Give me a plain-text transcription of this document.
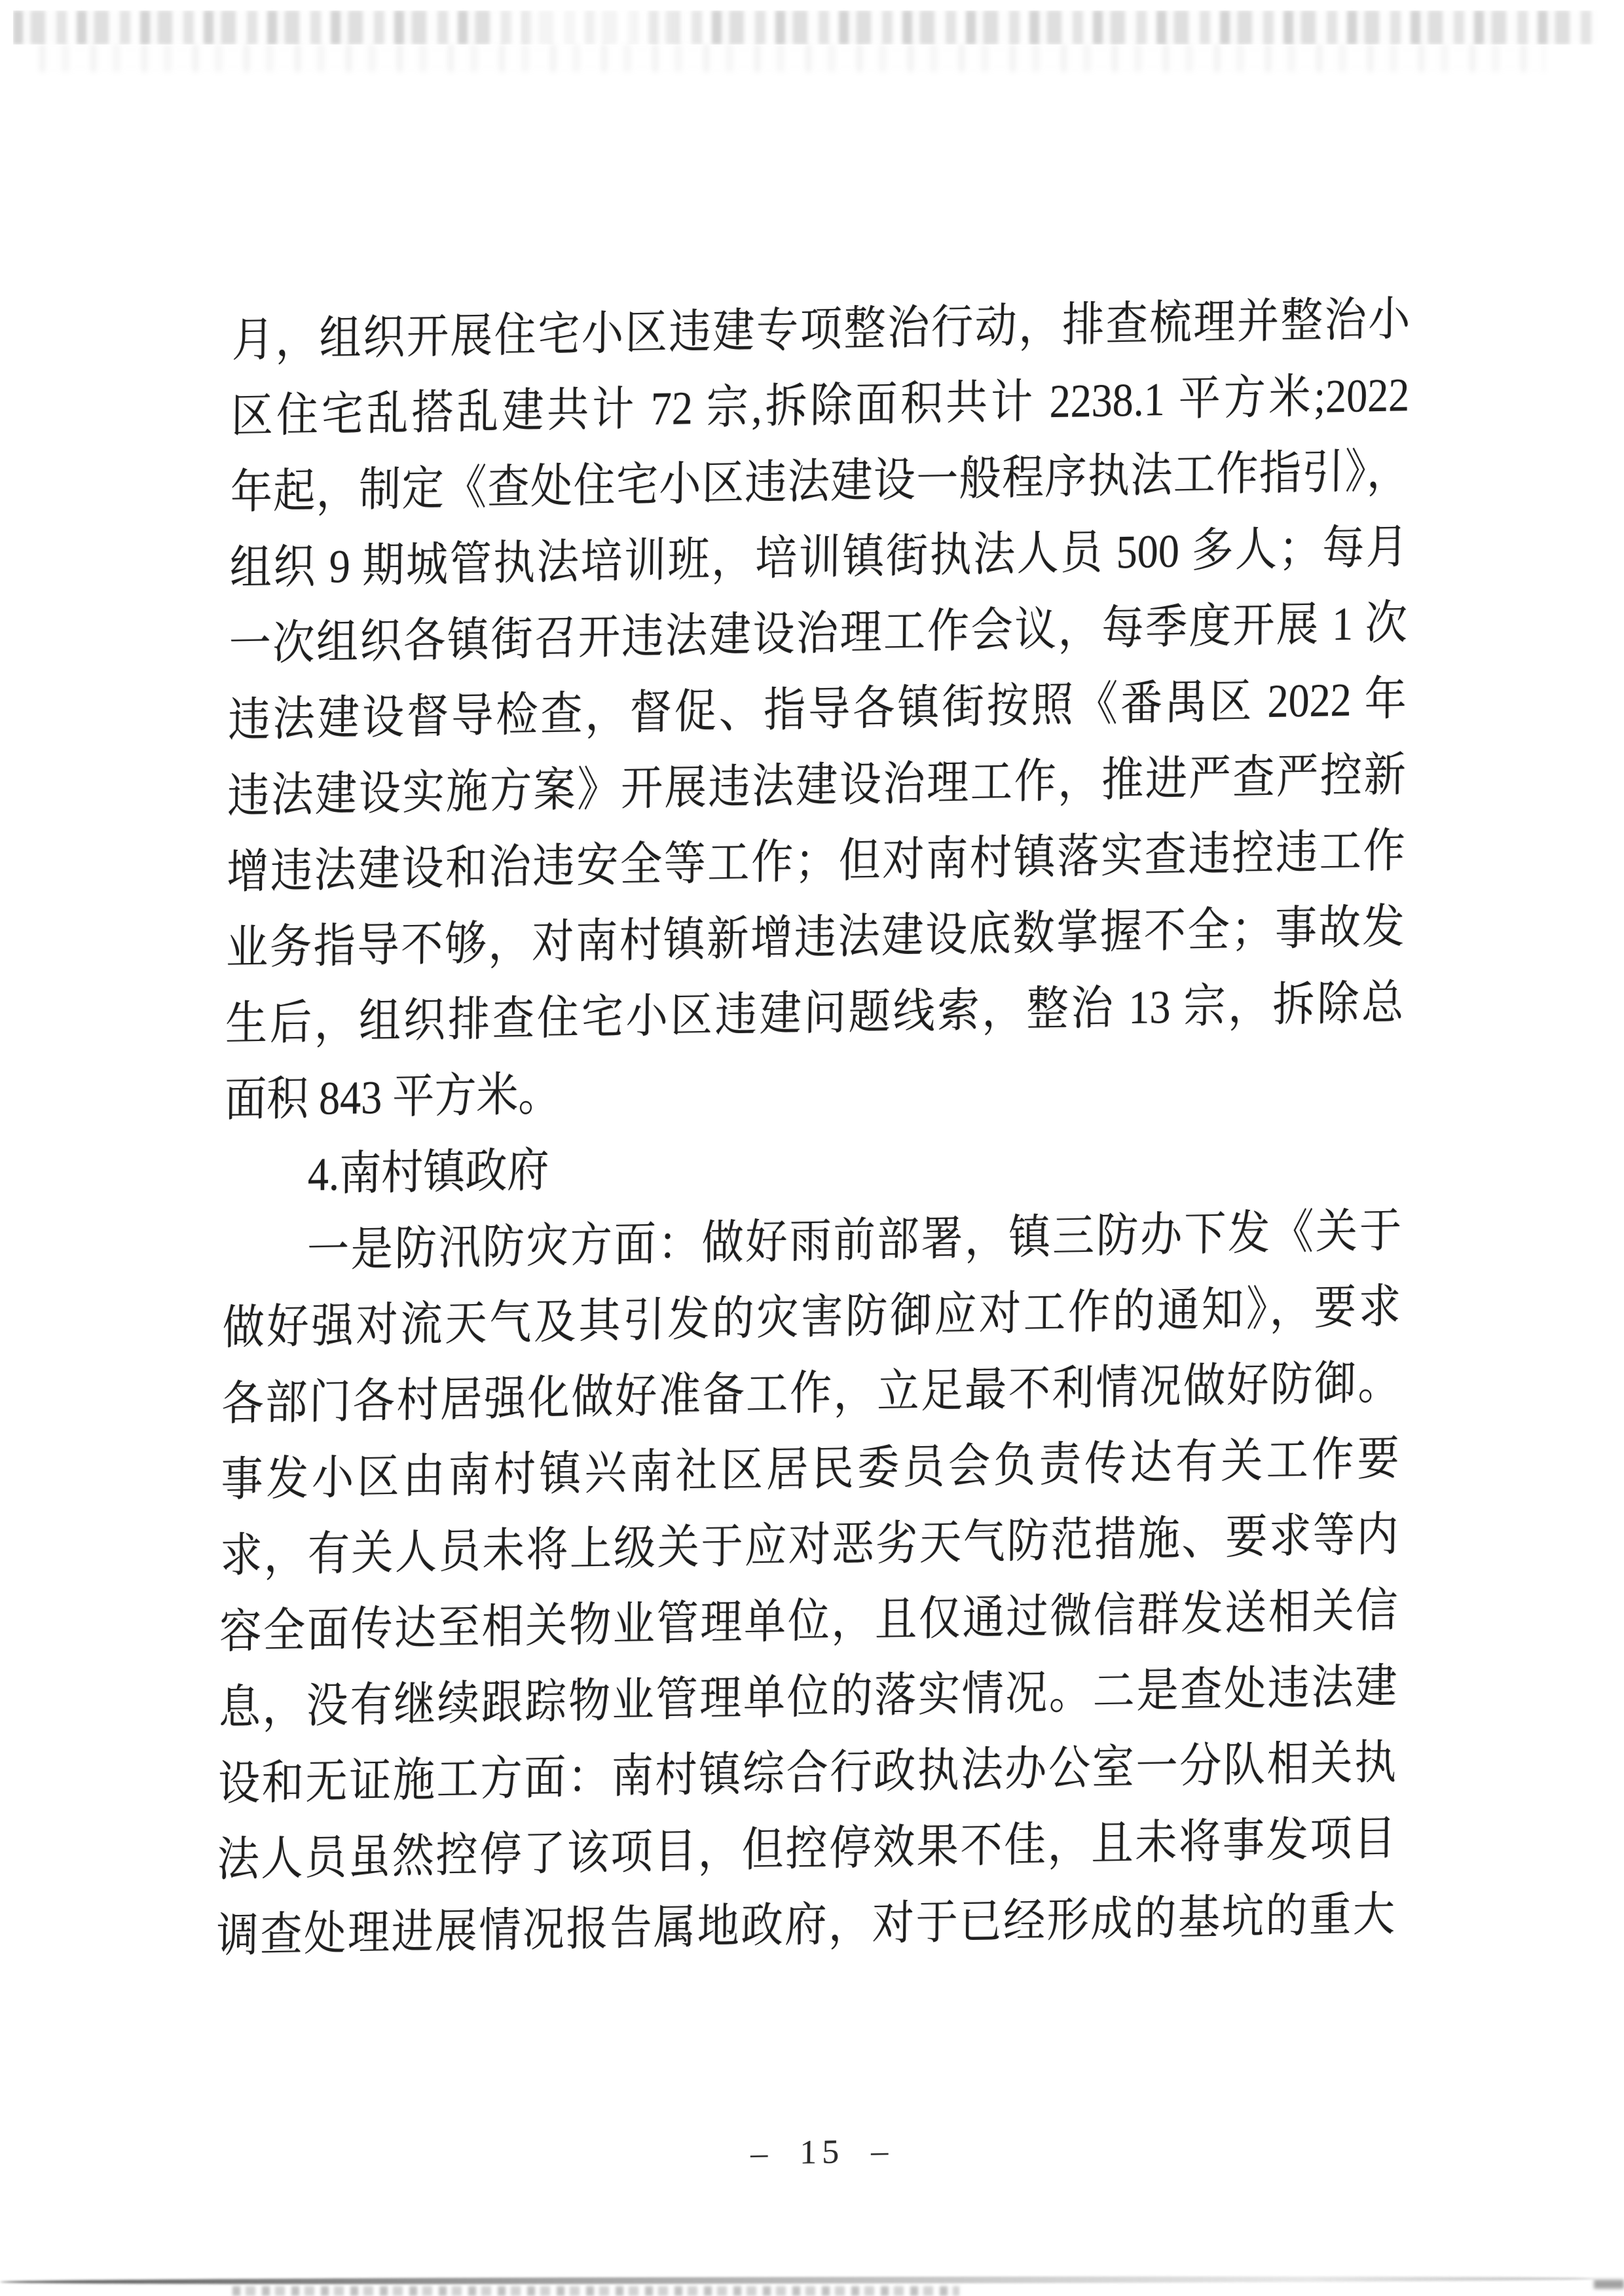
月，组织开展住宅小区违建专项整治行动，排查梳理并整治小
区住宅乱搭乱建共计 72 宗,拆除面积共计 2238.1 平方米;2022
年起，制定《查处住宅小区违法建设一般程序执法工作指引》，
组织 9 期城管执法培训班，培训镇街执法人员 500 多人；每月
一次组织各镇街召开违法建设治理工作会议，每季度开展 1 次
违法建设督导检查，督促、指导各镇街按照《番禺区 2022 年
违法建设实施方案》开展违法建设治理工作，推进严查严控新
增违法建设和治违安全等工作；但对南村镇落实查违控违工作
业务指导不够，对南村镇新增违法建设底数掌握不全；事故发
生后，组织排查住宅小区违建问题线索，整治 13 宗，拆除总
面积 843 平方米。
4.南村镇政府
一是防汛防灾方面：做好雨前部署，镇三防办下发《关于
做好强对流天气及其引发的灾害防御应对工作的通知》，要求
各部门各村居强化做好准备工作，立足最不利情况做好防御。
事发小区由南村镇兴南社区居民委员会负责传达有关工作要
求，有关人员未将上级关于应对恶劣天气防范措施、要求等内
容全面传达至相关物业管理单位，且仅通过微信群发送相关信
息，没有继续跟踪物业管理单位的落实情况。二是查处违法建
设和无证施工方面：南村镇综合行政执法办公室一分队相关执
法人员虽然控停了该项目，但控停效果不佳，且未将事发项目
调查处理进展情况报告属地政府，对于已经形成的基坑的重大
– 15 –
